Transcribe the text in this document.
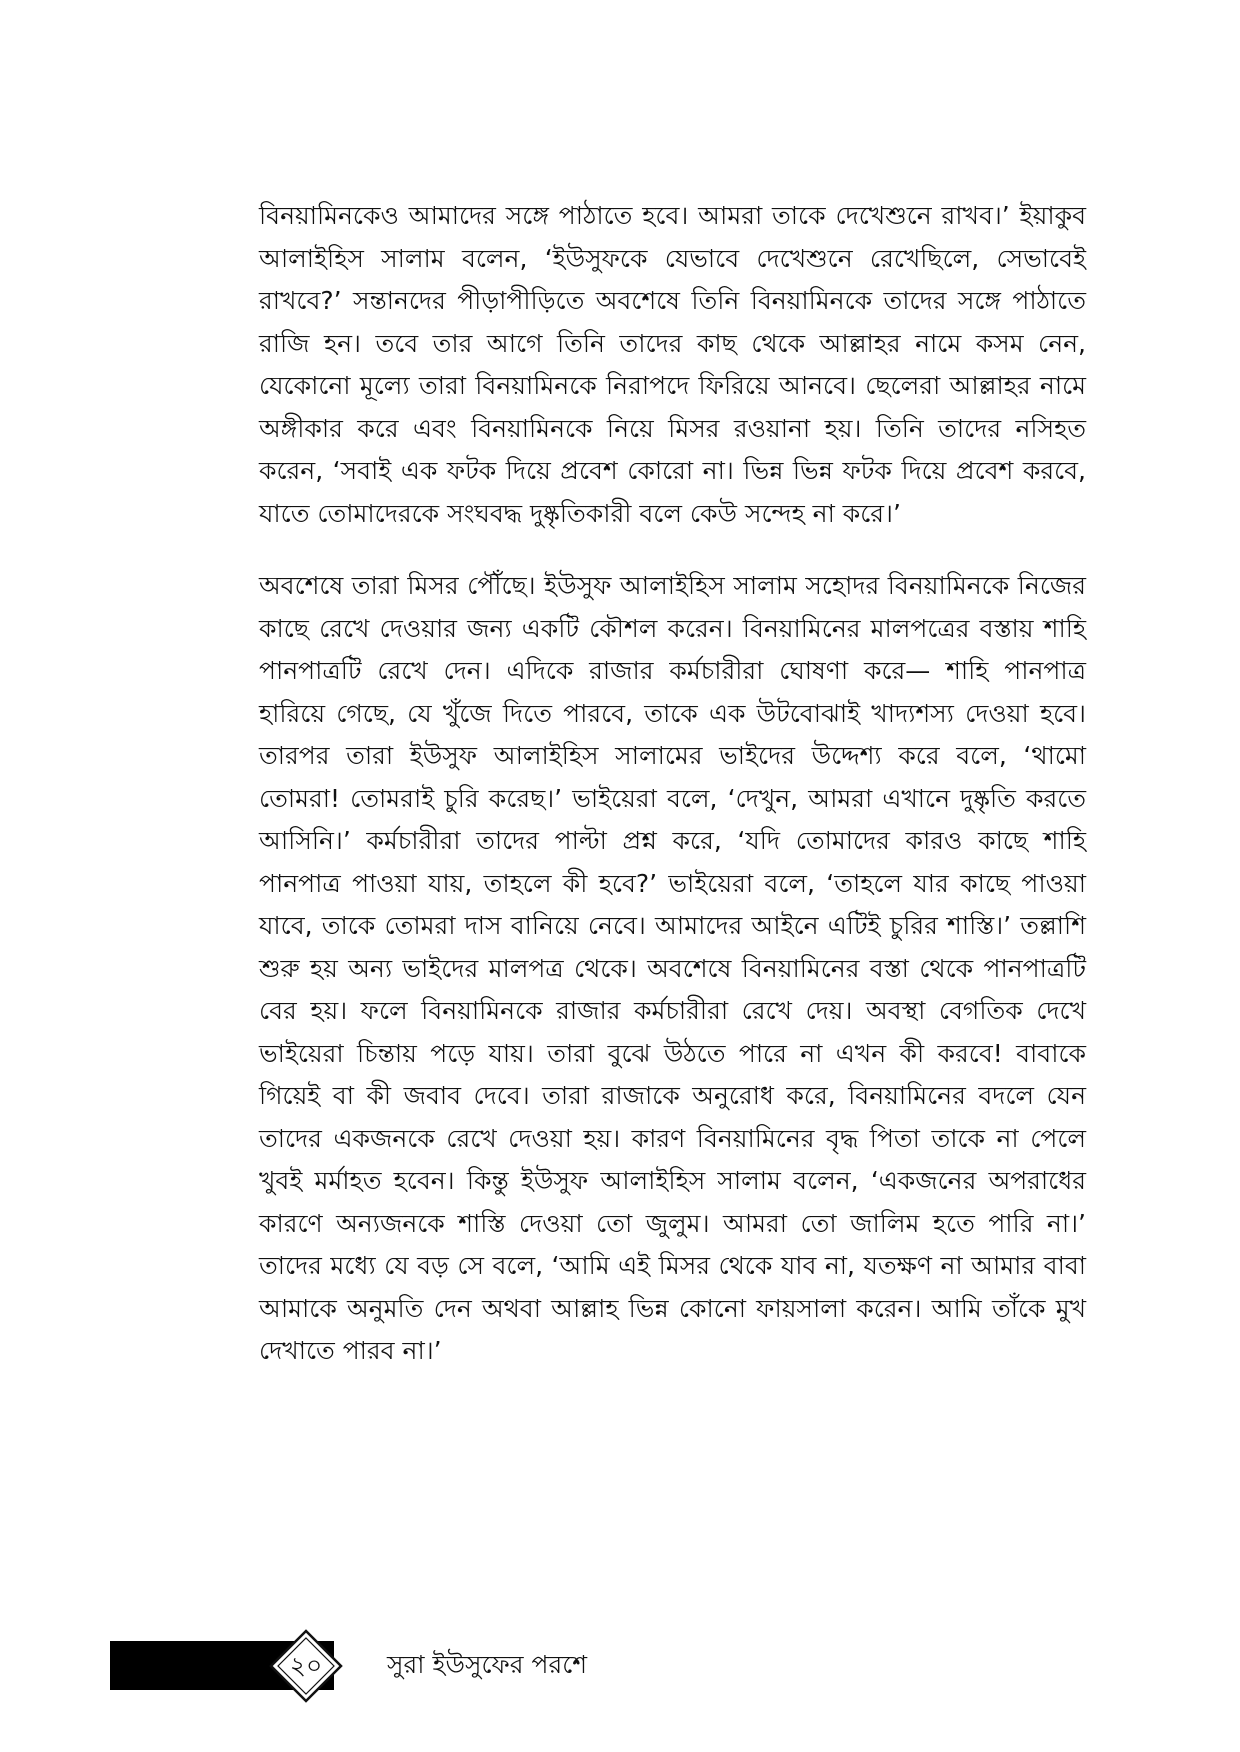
বিনয়ামিনকেও আমাদের সঙ্গে পাঠাতে হবে। আমরা তাকে দেখেশুনে রাখব।’ ইয়াকুব আলাইহিস সালাম বলেন, ‘ইউসুফকে যেভাবে দেখেশুনে রেখেছিলে, সেভাবেই রাখবে?’ সন্তানদের পীড়াপীড়িতে অবশেষে তিনি বিনয়ামিনকে তাদের সঙ্গে পাঠাতে রাজি হন। তবে তার আগে তিনি তাদের কাছ থেকে আল্লাহর নামে কসম নেন, যেকোনো মূল্যে তারা বিনয়ামিনকে নিরাপদে ফিরিয়ে আনবে। ছেলেরা আল্লাহর নামে অঙ্গীকার করে এবং বিনয়ামিনকে নিয়ে মিসর রওয়ানা হয়। তিনি তাদের নসিহত করেন, ‘সবাই এক ফটক দিয়ে প্রবেশ কোরো না। ভিন্ন ভিন্ন ফটক দিয়ে প্রবেশ করবে, যাতে তোমাদেরকে সংঘবদ্ধ দুষ্কৃতিকারী বলে কেউ সন্দেহ না করে।’

অবশেষে তারা মিসর পৌঁছে। ইউসুফ আলাইহিস সালাম সহোদর বিনয়ামিনকে নিজের কাছে রেখে দেওয়ার জন্য একটি কৌশল করেন। বিনয়ামিনের মালপত্রের বস্তায় শাহি পানপাত্রটি রেখে দেন। এদিকে রাজার কর্মচারীরা ঘোষণা করে— শাহি পানপাত্র হারিয়ে গেছে, যে খুঁজে দিতে পারবে, তাকে এক উটবোঝাই খাদ্যশস্য দেওয়া হবে। তারপর তারা ইউসুফ আলাইহিস সালামের ভাইদের উদ্দেশ্য করে বলে, ‘থামো তোমরা! তোমরাই চুরি করেছ।’ ভাইয়েরা বলে, ‘দেখুন, আমরা এখানে দুষ্কৃতি করতে আসিনি।’ কর্মচারীরা তাদের পাল্টা প্রশ্ন করে, ‘যদি তোমাদের কারও কাছে শাহি পানপাত্র পাওয়া যায়, তাহলে কী হবে?’ ভাইয়েরা বলে, ‘তাহলে যার কাছে পাওয়া যাবে, তাকে তোমরা দাস বানিয়ে নেবে। আমাদের আইনে এটিই চুরির শাস্তি।’ তল্লাশি শুরু হয় অন্য ভাইদের মালপত্র থেকে। অবশেষে বিনয়ামিনের বস্তা থেকে পানপাত্রটি বের হয়। ফলে বিনয়ামিনকে রাজার কর্মচারীরা রেখে দেয়। অবস্থা বেগতিক দেখে ভাইয়েরা চিন্তায় পড়ে যায়। তারা বুঝে উঠতে পারে না এখন কী করবে! বাবাকে গিয়েই বা কী জবাব দেবে। তারা রাজাকে অনুরোধ করে, বিনয়ামিনের বদলে যেন তাদের একজনকে রেখে দেওয়া হয়। কারণ বিনয়ামিনের বৃদ্ধ পিতা তাকে না পেলে খুবই মর্মাহত হবেন। কিন্তু ইউসুফ আলাইহিস সালাম বলেন, ‘একজনের অপরাধের কারণে অন্যজনকে শাস্তি দেওয়া তো জুলুম। আমরা তো জালিম হতে পারি না।’ তাদের মধ্যে যে বড় সে বলে, ‘আমি এই মিসর থেকে যাব না, যতক্ষণ না আমার বাবা আমাকে অনুমতি দেন অথবা আল্লাহ ভিন্ন কোনো ফায়সালা করেন। আমি তাঁকে মুখ দেখাতে পারব না।’

২০	সুরা ইউসুফের পরশে
